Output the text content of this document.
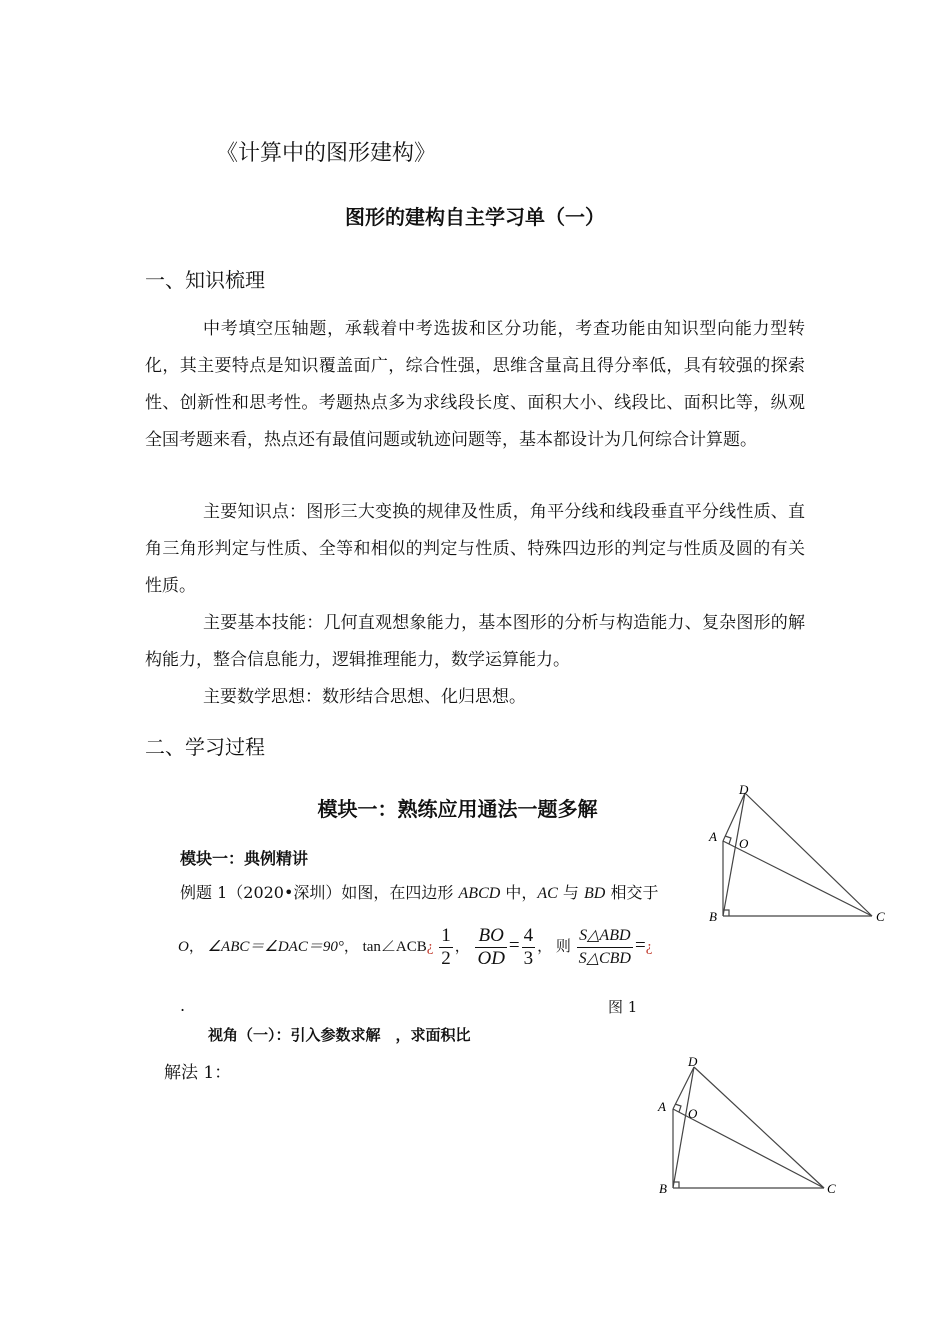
《计算中的图形建构》
图形的建构自主学习单（一）
一、知识梳理
中考填空压轴题，承载着中考选拔和区分功能，考查功能由知识型向能力型转化，其主要特点是知识覆盖面广，综合性强，思维含量高且得分率低，具有较强的探索性、创新性和思考性。考题热点多为求线段长度、面积大小、线段比、面积比等，纵观全国考题来看，热点还有最值问题或轨迹问题等，基本都设计为几何综合计算题。
主要知识点：图形三大变换的规律及性质，角平分线和线段垂直平分线性质、直角三角形判定与性质、全等和相似的判定与性质、特殊四边形的判定与性质及圆的有关性质。
主要基本技能：几何直观想象能力，基本图形的分析与构造能力、复杂图形的解构能力，整合信息能力，逻辑推理能力，数学运算能力。
主要数学思想：数形结合思想、化归思想。
二、学习过程
模块一：熟练应用通法一题多解
模块一：典例精讲
例题 1（2020•深圳）如图，在四边形 ABCD 中，AC 与 BD 相交于
O， ∠ABC＝∠DAC＝90°， tan∠ACB¿ $\frac{1}{2}$ ， $\frac{BO}{OD} = \frac{4}{3}$ ， 则 $\frac{\text{S△ABD}}{\text{S△CBD}}$ =¿
.	图 1
视角（一）：引入参数求解　，求面积比
解法 1：
D
A O
B	C
D
A O
B	C
